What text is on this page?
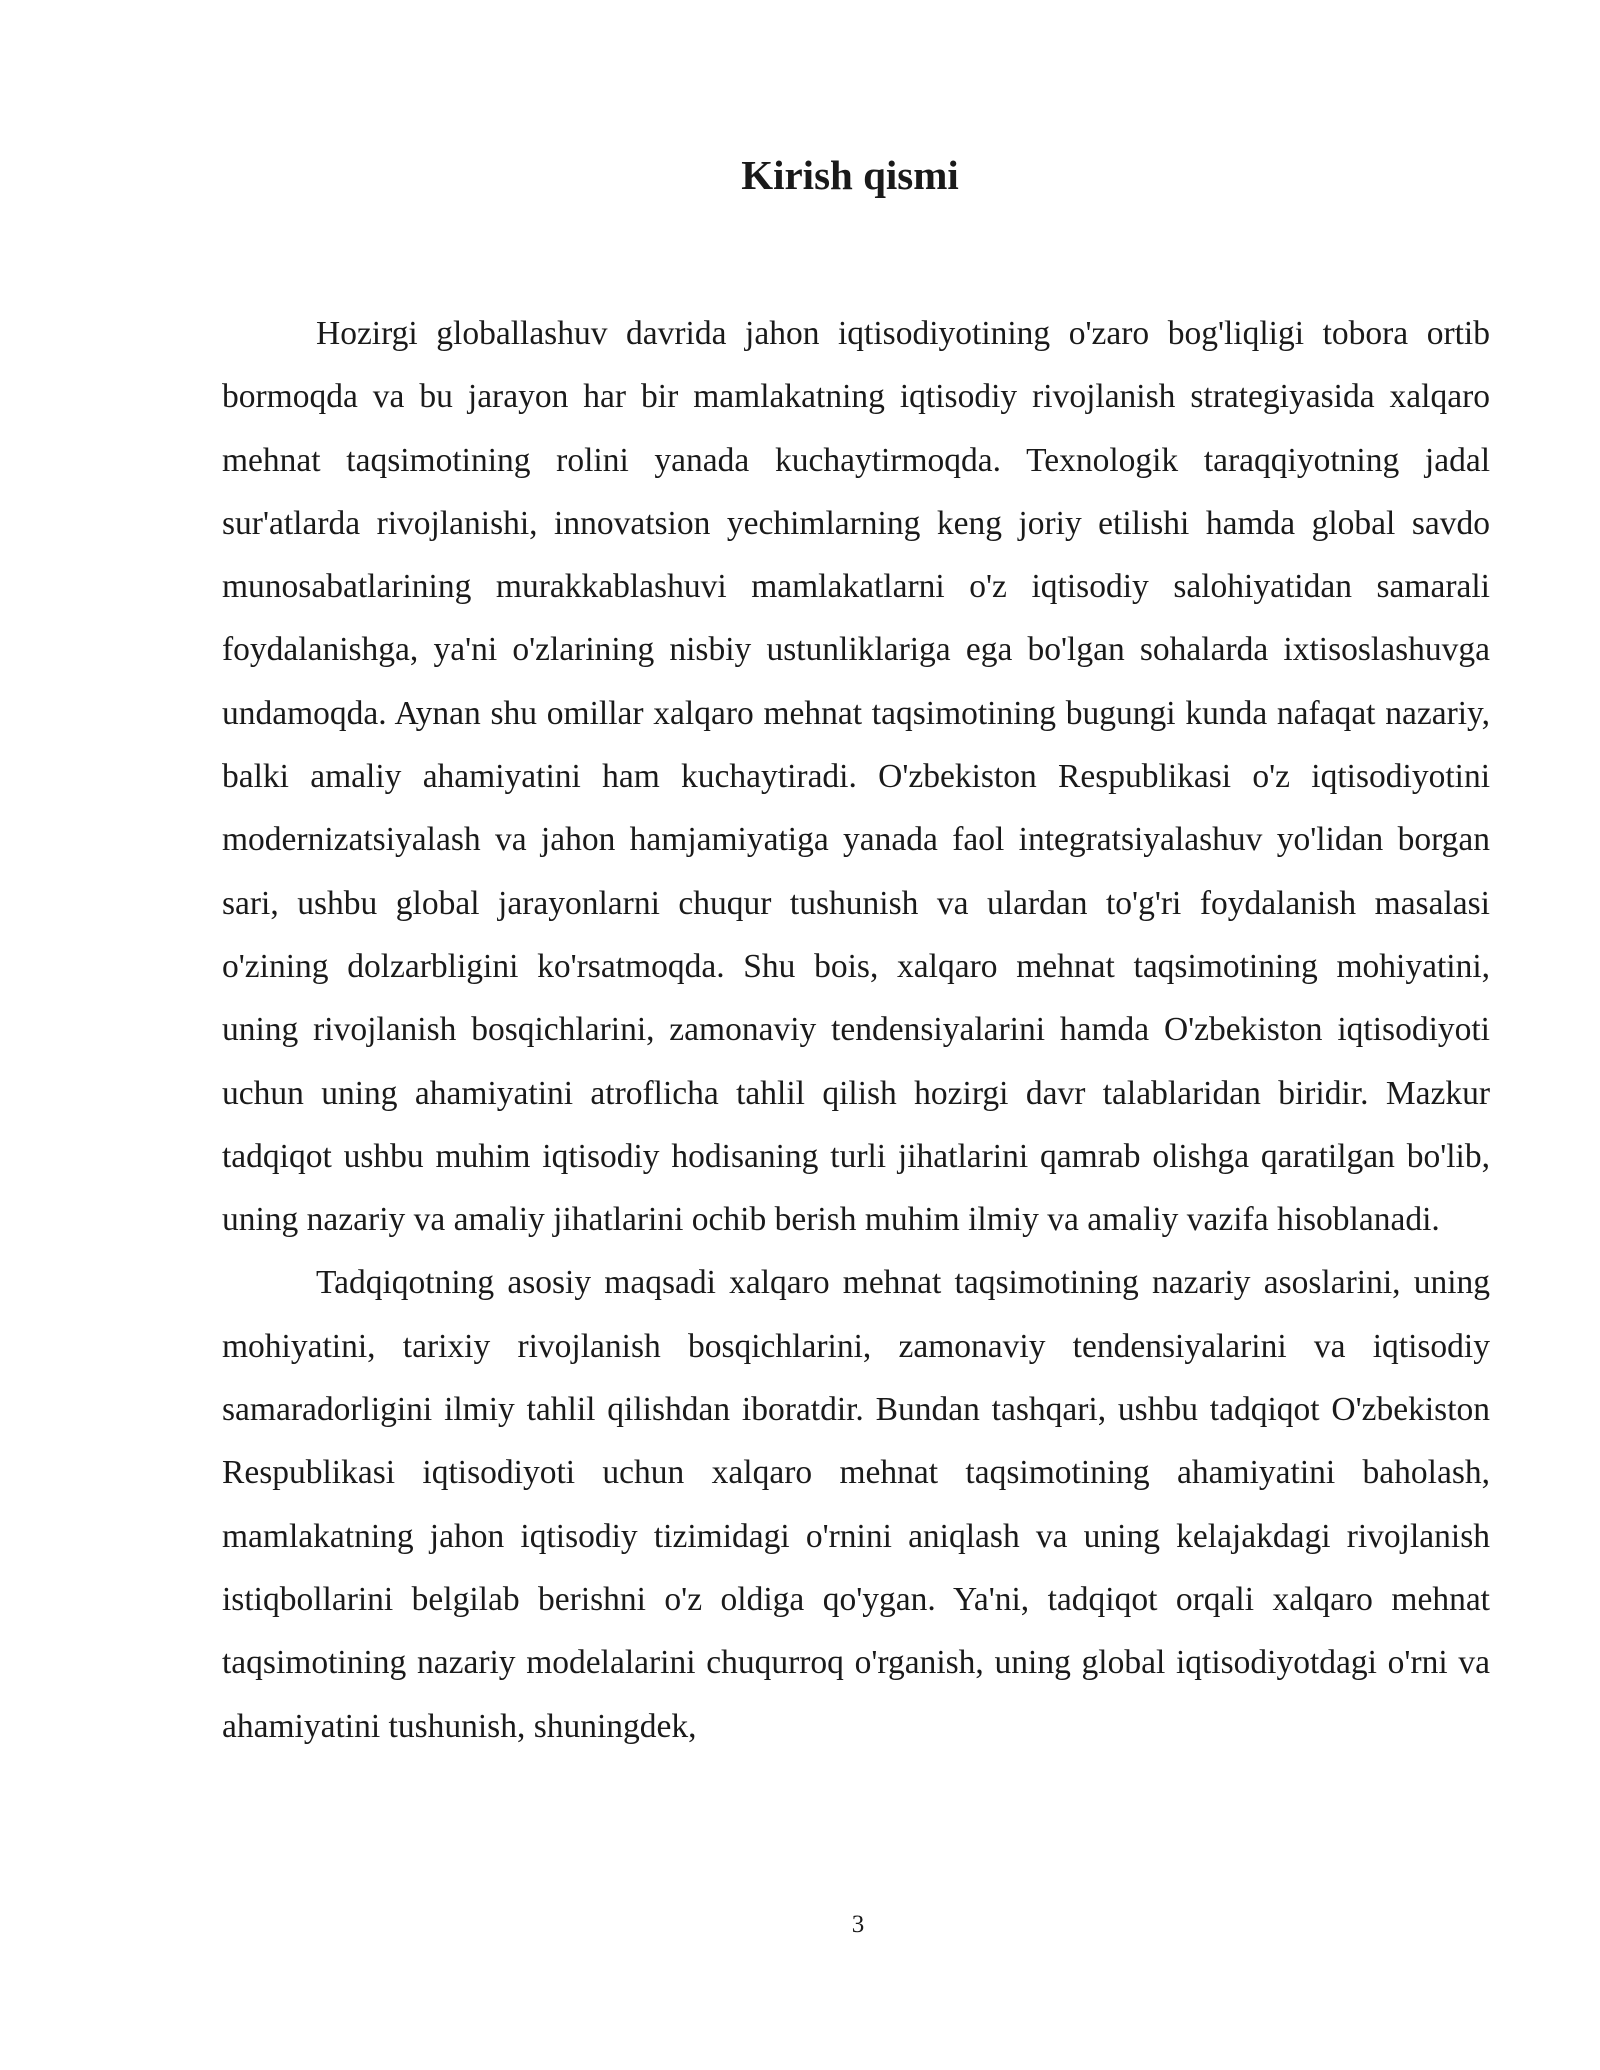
Kirish qismi

Hozirgi globallashuv davrida jahon iqtisodiyotining o'zaro bog'liqligi tobora ortib bormoqda va bu jarayon har bir mamlakatning iqtisodiy rivojlanish strategiyasida xalqaro mehnat taqsimotining rolini yanada kuchaytirmoqda. Texnologik taraqqiyotning jadal sur'atlarda rivojlanishi, innovatsion yechimlarning keng joriy etilishi hamda global savdo munosabatlarining murakkablashuvi mamlakatlarni o'z iqtisodiy salohiyatidan samarali foydalanishga, ya'ni o'zlarining nisbiy ustunliklariga ega bo'lgan sohalarda ixtisoslashuvga undamoqda. Aynan shu omillar xalqaro mehnat taqsimotining bugungi kunda nafaqat nazariy, balki amaliy ahamiyatini ham kuchaytiradi. O'zbekiston Respublikasi o'z iqtisodiyotini modernizatsiyalash va jahon hamjamiyatiga yanada faol integratsiyalashuv yo'lidan borgan sari, ushbu global jarayonlarni chuqur tushunish va ulardan to'g'ri foydalanish masalasi o'zining dolzarbligini ko'rsatmoqda. Shu bois, xalqaro mehnat taqsimotining mohiyatini, uning rivojlanish bosqichlarini, zamonaviy tendensiyalarini hamda O'zbekiston iqtisodiyoti uchun uning ahamiyatini atroflicha tahlil qilish hozirgi davr talablaridan biridir. Mazkur tadqiqot ushbu muhim iqtisodiy hodisaning turli jihatlarini qamrab olishga qaratilgan bo'lib, uning nazariy va amaliy jihatlarini ochib berish muhim ilmiy va amaliy vazifa hisoblanadi.

Tadqiqotning asosiy maqsadi xalqaro mehnat taqsimotining nazariy asoslarini, uning mohiyatini, tarixiy rivojlanish bosqichlarini, zamonaviy tendensiyalarini va iqtisodiy samaradorligini ilmiy tahlil qilishdan iboratdir. Bundan tashqari, ushbu tadqiqot O'zbekiston Respublikasi iqtisodiyoti uchun xalqaro mehnat taqsimotining ahamiyatini baholash, mamlakatning jahon iqtisodiy tizimidagi o'rnini aniqlash va uning kelajakdagi rivojlanish istiqbollarini belgilab berishni o'z oldiga qo'ygan. Ya'ni, tadqiqot orqali xalqaro mehnat taqsimotining nazariy modelalarini chuqurroq o'rganish, uning global iqtisodiyotdagi o'rni va ahamiyatini tushunish, shuningdek,

3
